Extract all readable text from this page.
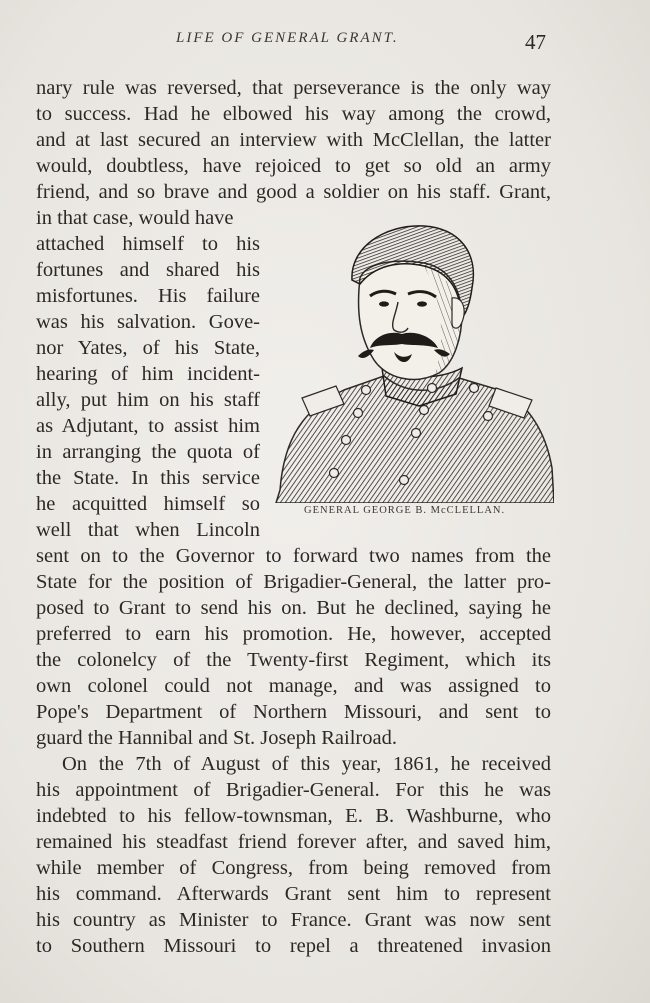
LIFE OF GENERAL GRANT.	47
nary rule was reversed, that perseverance is the only way
to success. Had he elbowed his way among the crowd,
and at last secured an interview with McClellan, the latter
would, doubtless, have rejoiced to get so old an army
friend, and so brave and good a soldier on his staff. Grant,
in that case, would have
attached himself to his
fortunes and shared his
misfortunes. His failure
was his salvation. Gove-
nor Yates, of his State,
hearing of him incident-
ally, put him on his staff
as Adjutant, to assist him
in arranging the quota of
the State. In this service
he acquitted himself so
well that when Lincoln
sent on to the Governor to forward two names from the
State for the position of Brigadier-General, the latter pro-
posed to Grant to send his on. But he declined, saying he
preferred to earn his promotion. He, however, accepted
the colonelcy of the Twenty-first Regiment, which its
own colonel could not manage, and was assigned to
Pope's Department of Northern Missouri, and sent to
guard the Hannibal and St. Joseph Railroad.
On the 7th of August of this year, 1861, he received
his appointment of Brigadier-General. For this he was
indebted to his fellow-townsman, E. B. Washburne, who
remained his steadfast friend forever after, and saved him,
while member of Congress, from being removed from
his command. Afterwards Grant sent him to represent
his country as Minister to France. Grant was now sent
to Southern Missouri to repel a threatened invasion
GENERAL GEORGE B. McCLELLAN.
